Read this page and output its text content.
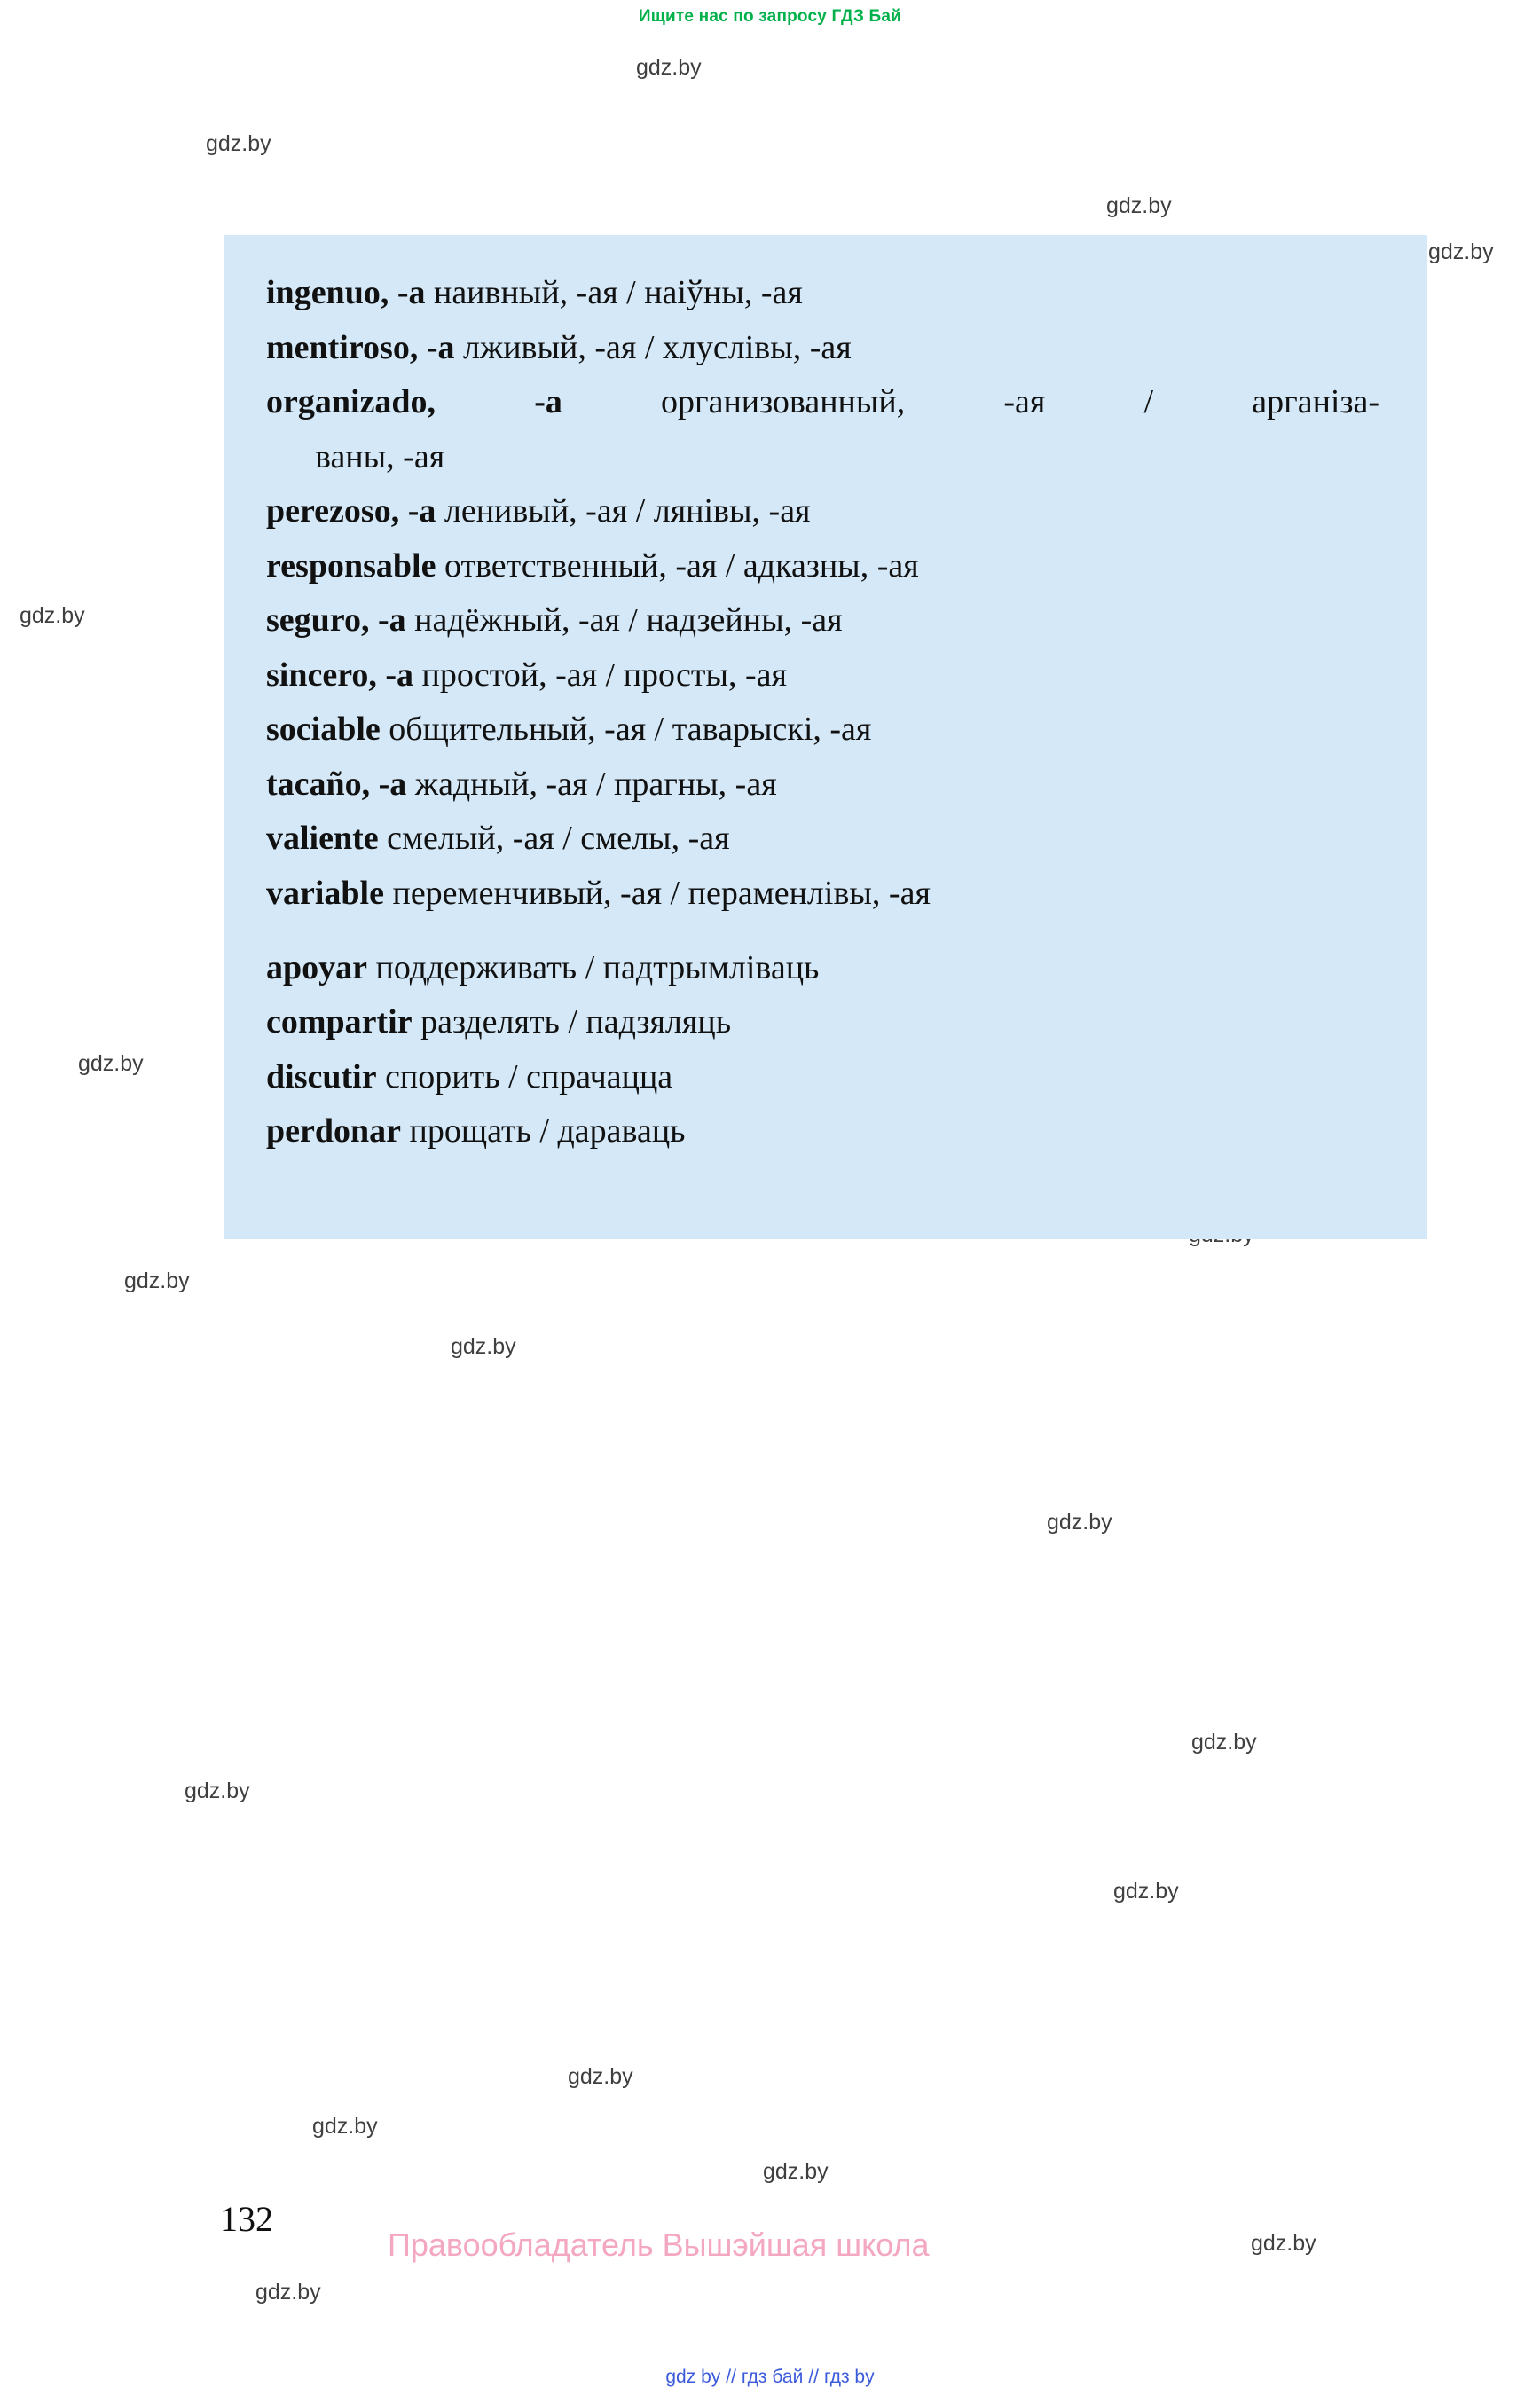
Ищите нас по запросу ГДЗ Бай
gdz.by
gdz.by
gdz.by
gdz.by
gdz.by
gdz.by
gdz.by
gdz.by
gdz.by
gdz.by
gdz.by
gdz.by
gdz.by
gdz.by
gdz.by
gdz.by
gdz.by
ingenuo, -a наивный, -ая / наіўны, -ая
mentiroso, -a лживый, -ая / хлуслівы, -ая
organizado, -a организованный, -ая / арганіза-
ваны, -ая
perezoso, -a ленивый, -ая / лянівы, -ая
responsable ответственный, -ая / адказны, -ая
seguro, -a надёжный, -ая / надзейны, -ая
sincero, -a простой, -ая / просты, -ая
sociable общительный, -ая / таварыскі, -ая
tacaño, -a жадный, -ая / прагны, -ая
valiente смелый, -ая / смелы, -ая
variable переменчивый, -ая / пераменлівы, -ая
apoyar поддерживать / падтрымліваць
compartir разделять / падзяляць
discutir спорить / спрачацца
perdonar прощать / дараваць
132
Правообладатель Вышэйшая школа
gdz by // гдз бай // гдз by
